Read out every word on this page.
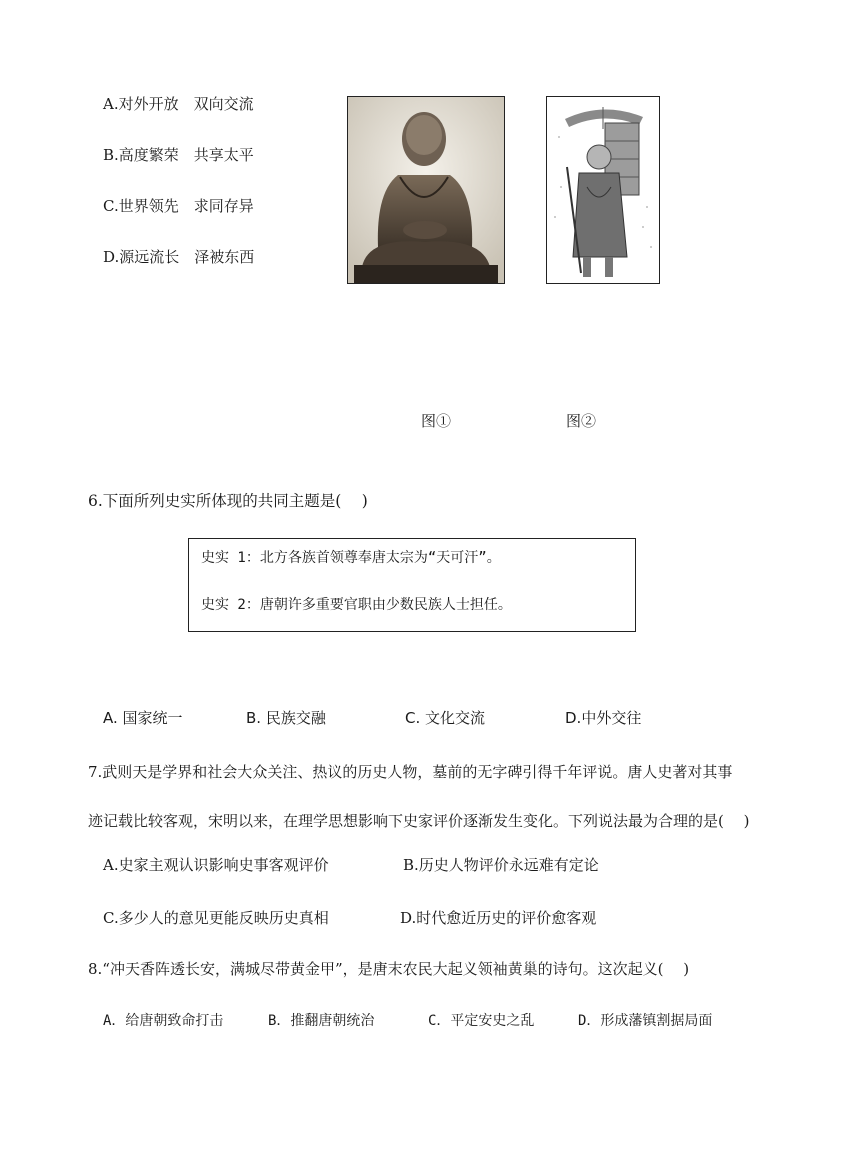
A.对外开放　双向交流
B.高度繁荣　共享太平
C.世界领先　求同存异
D.源远流长　泽被东西
图①	图②
6.下面所列史实所体现的共同主题是(　 )
史实 1：北方各族首领尊奉唐太宗为“天可汗”。
史实 2：唐朝许多重要官职由少数民族人士担任。
A. 国家统一	B. 民族交融	C. 文化交流	D.中外交往
7.武则天是学界和社会大众关注、热议的历史人物，墓前的无字碑引得千年评说。唐人史著对其事
迹记载比较客观，宋明以来，在理学思想影响下史家评价逐渐发生变化。下列说法最为合理的是(　 )
A.史家主观认识影响史事客观评价	B.历史人物评价永远难有定论
C.多少人的意见更能反映历史真相	D.时代愈近历史的评价愈客观
8.“冲天香阵透长安，满城尽带黄金甲”，是唐末农民大起义领袖黄巢的诗句。这次起义(　 )
A．给唐朝致命打击	B．推翻唐朝统治	C．平定安史之乱	D．形成藩镇割据局面
